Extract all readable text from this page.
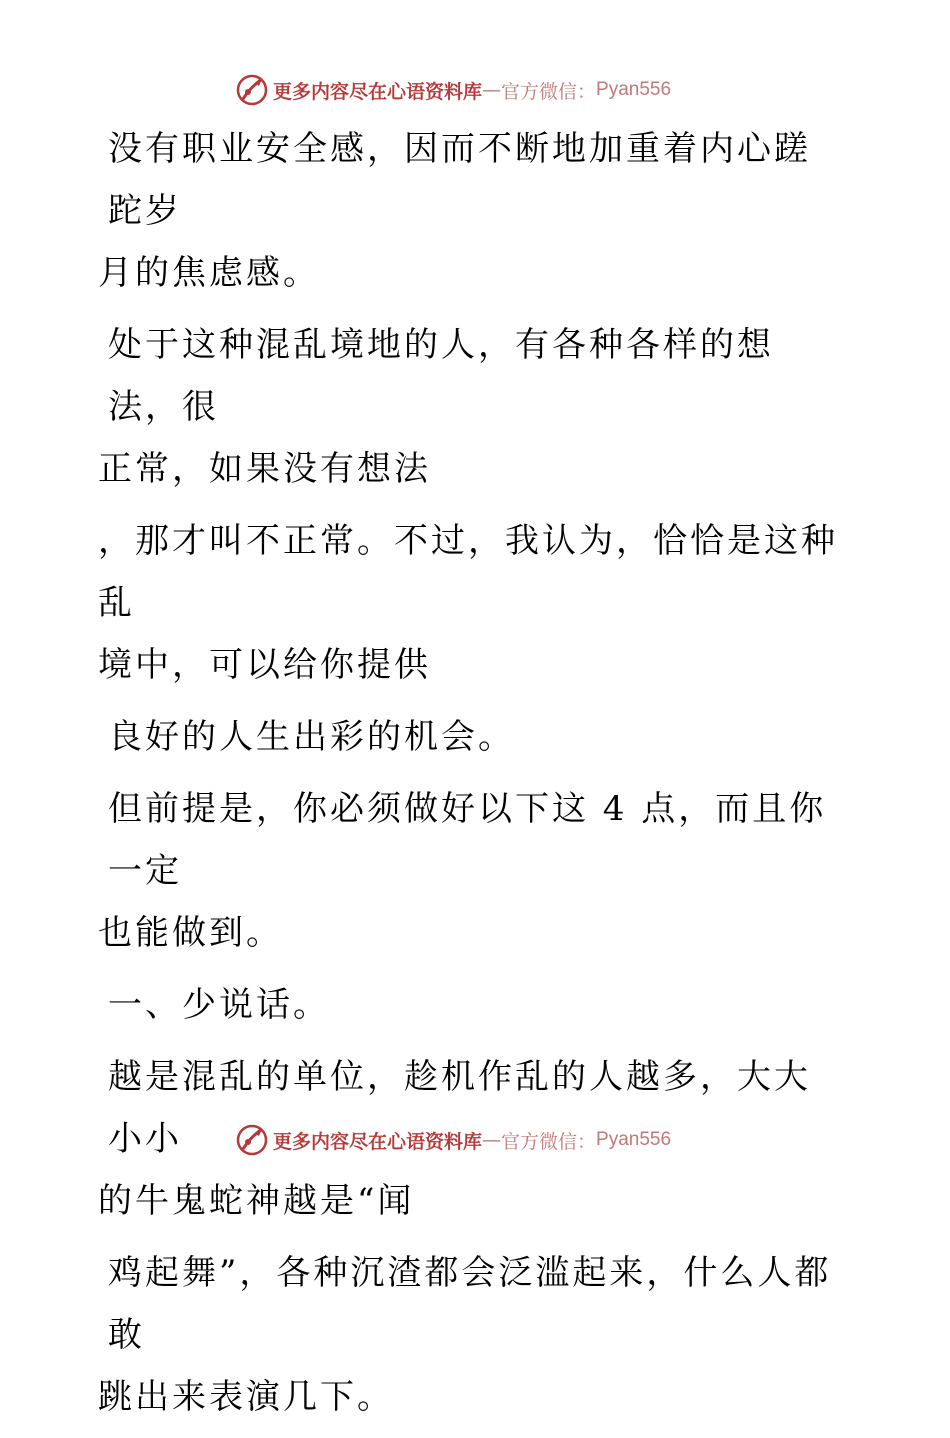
更多内容尽在心语资料库 — 官方微信： Pyan556
没有职业安全感，因而不断地加重着内心蹉跎岁
月的焦虑感。
处于这种混乱境地的人，有各种各样的想法，很
正常，如果没有想法
，那才叫不正常。不过，我认为，恰恰是这种乱
境中，可以给你提供
良好的人生出彩的机会。
但前提是，你必须做好以下这 4 点，而且你一定
也能做到。
一、少说话。
越是混乱的单位，趁机作乱的人越多，大大小小
的牛鬼蛇神越是“闻
鸡起舞”，各种沉渣都会泛滥起来，什么人都敢
跳出来表演几下。
更多内容尽在心语资料库 — 官方微信： Pyan556
